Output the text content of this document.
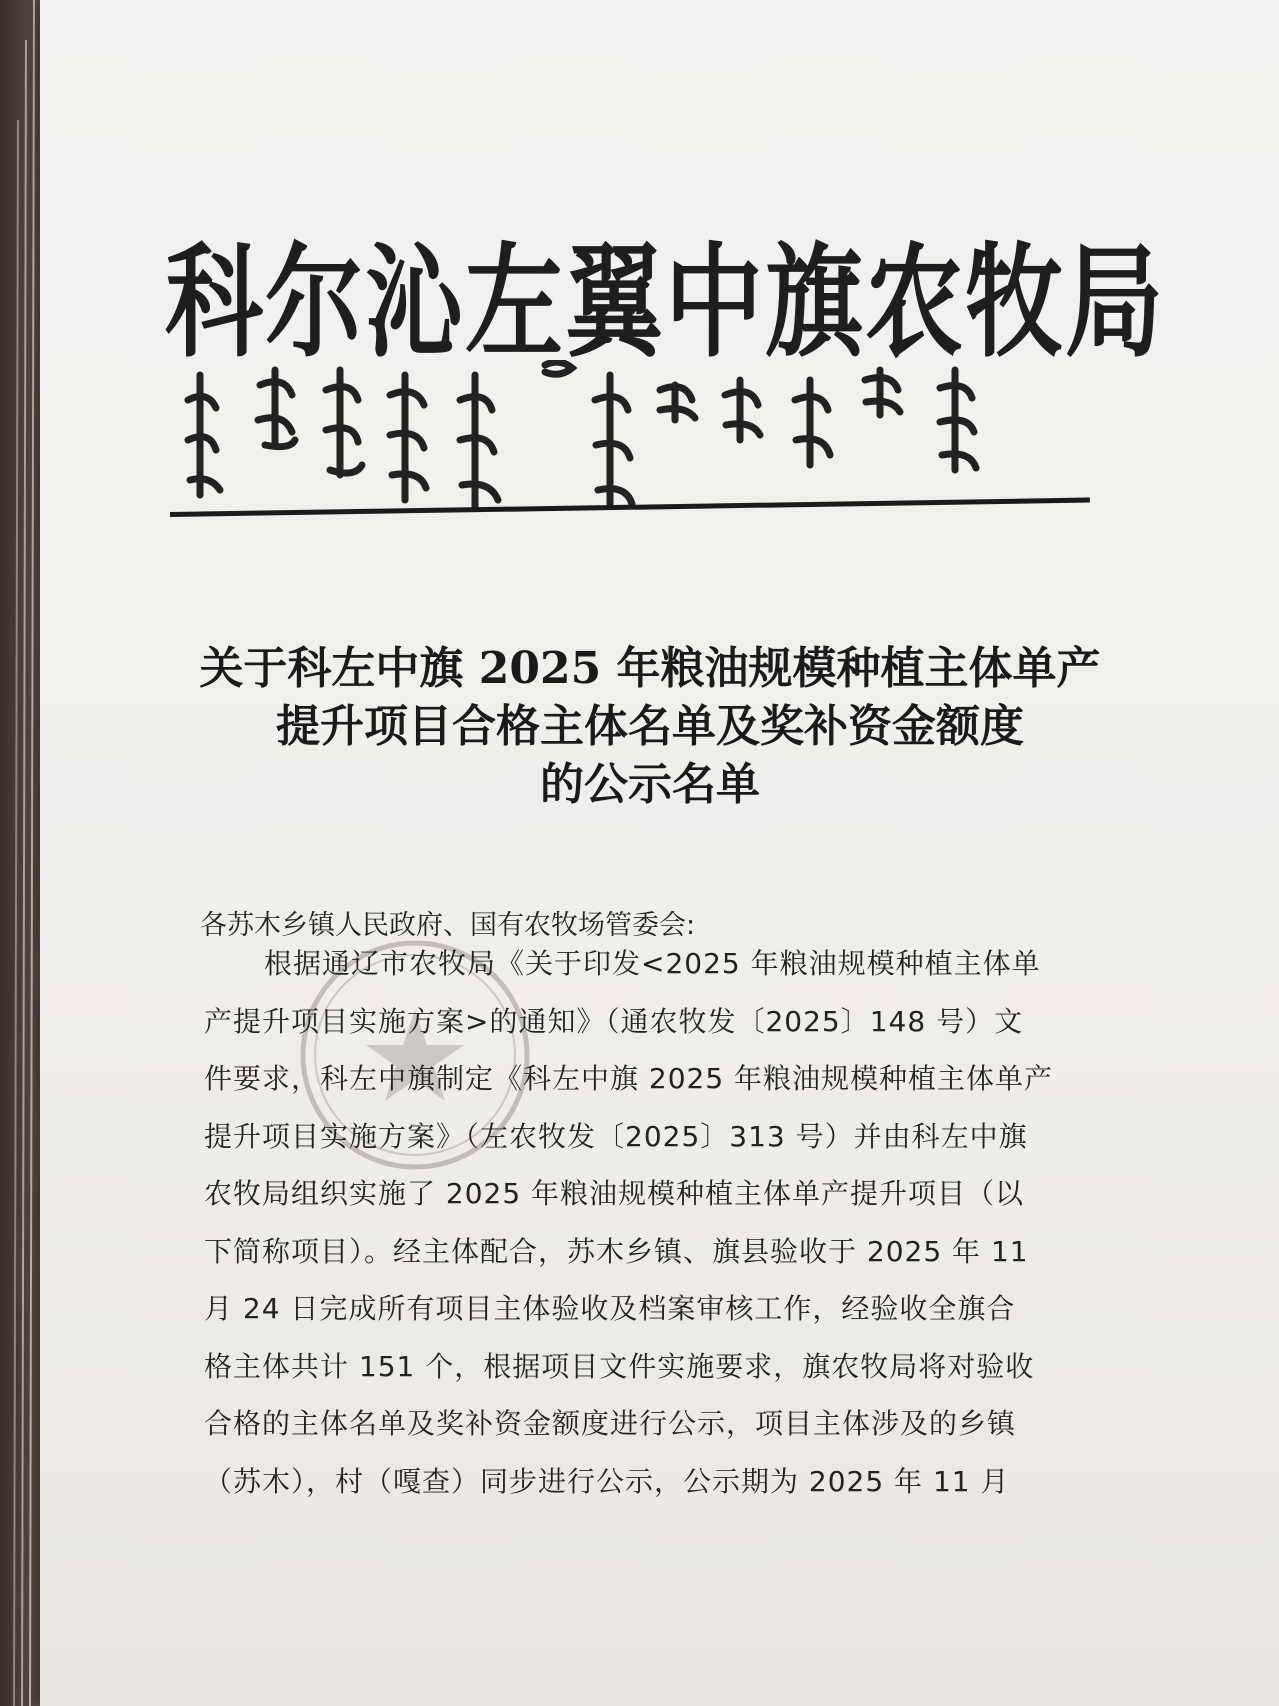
科尔沁左翼中旗农牧局
关于科左中旗 2025 年粮油规模种植主体单产
提升项目合格主体名单及奖补资金额度
的公示名单
各苏木乡镇人民政府、国有农牧场管委会:
根据通辽市农牧局《关于印发<2025 年粮油规模种植主体单
产提升项目实施方案>的通知》（通农牧发〔2025〕148 号）文
件要求，科左中旗制定《科左中旗 2025 年粮油规模种植主体单产
提升项目实施方案》（左农牧发〔2025〕313 号）并由科左中旗
农牧局组织实施了 2025 年粮油规模种植主体单产提升项目（以
下简称项目）。经主体配合，苏木乡镇、旗县验收于 2025 年 11
月 24 日完成所有项目主体验收及档案审核工作，经验收全旗合
格主体共计 151 个，根据项目文件实施要求，旗农牧局将对验收
合格的主体名单及奖补资金额度进行公示，项目主体涉及的乡镇
（苏木），村（嘎查）同步进行公示，公示期为 2025 年 11 月
